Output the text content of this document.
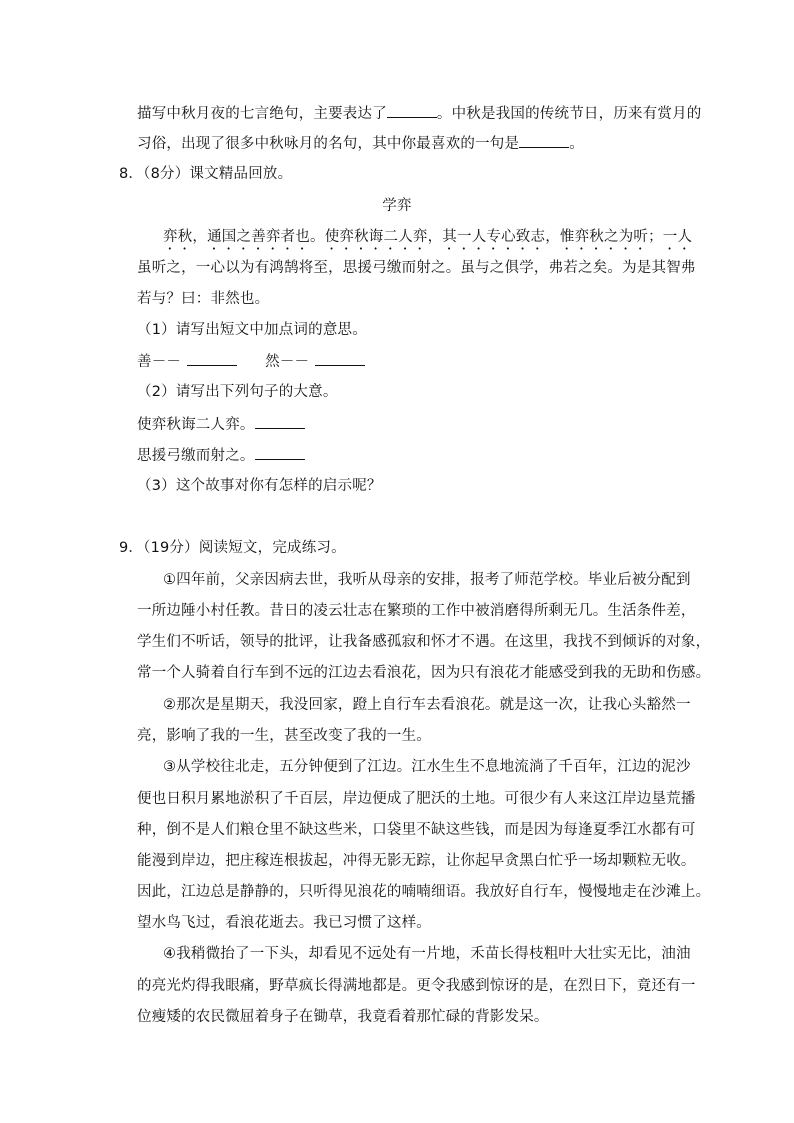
描写中秋月夜的七言绝句，主要表达了	。中秋是我国的传统节日，历来有赏月的
习俗，出现了很多中秋咏月的名句，其中你最喜欢的一句是	。
8．（8分）课文精品回放。
学弈
弈秋，通国之善弈者也。使弈秋诲二人弈，其一人专心致志，惟弈秋之为听；一人
虽听之，一心以为有鸿鹄将至，思援弓缴而射之。虽与之俱学，弗若之矣。为是其智弗
若与？曰：非然也。
（1）请写出短文中加点词的意思。
善－－	然－－
（2）请写出下列句子的大意。
使弈秋诲二人弈。
思援弓缴而射之。
（3）这个故事对你有怎样的启示呢？
9．（19分）阅读短文，完成练习。
①四年前，父亲因病去世，我听从母亲的安排，报考了师范学校。毕业后被分配到
一所边陲小村任教。昔日的凌云壮志在繁琐的工作中被消磨得所剩无几。生活条件差，
学生们不听话，领导的批评，让我备感孤寂和怀才不遇。在这里，我找不到倾诉的对象，
常一个人骑着自行车到不远的江边去看浪花，因为只有浪花才能感受到我的无助和伤感。
②那次是星期天，我没回家，蹬上自行车去看浪花。就是这一次，让我心头豁然一
亮，影响了我的一生，甚至改变了我的一生。
③从学校往北走，五分钟便到了江边。江水生生不息地流淌了千百年，江边的泥沙
便也日积月累地淤积了千百层，岸边便成了肥沃的土地。可很少有人来这江岸边垦荒播
种，倒不是人们粮仓里不缺这些米，口袋里不缺这些钱，而是因为每逢夏季江水都有可
能漫到岸边，把庄稼连根拔起，冲得无影无踪，让你起早贪黑白忙乎一场却颗粒无收。
因此，江边总是静静的，只听得见浪花的喃喃细语。我放好自行车，慢慢地走在沙滩上。
望水鸟飞过，看浪花逝去。我已习惯了这样。
④我稍微抬了一下头，却看见不远处有一片地，禾苗长得枝粗叶大壮实无比，油油
的亮光灼得我眼痛，野草疯长得满地都是。更令我感到惊讶的是，在烈日下，竟还有一
位瘦矮的农民微屈着身子在锄草，我竟看着那忙碌的背影发呆。
